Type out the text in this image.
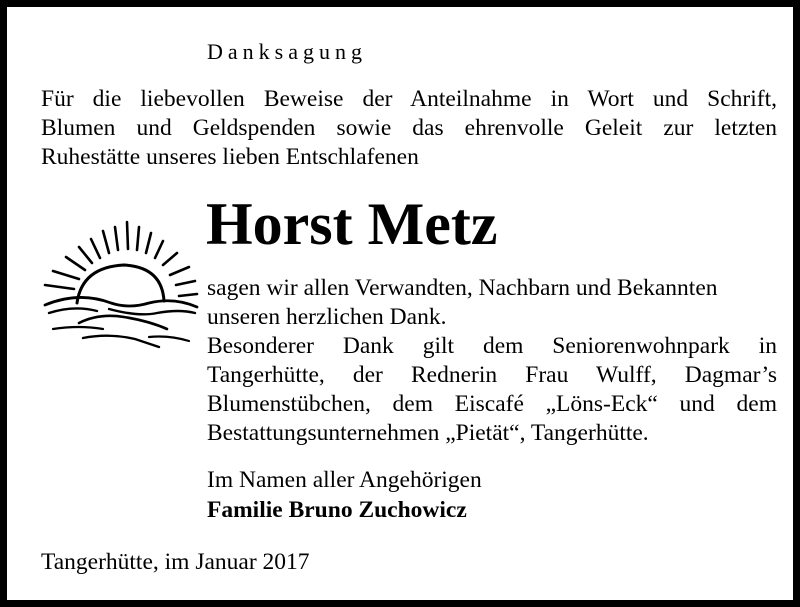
Danksagung
Für die liebevollen Beweise der Anteilnahme in Wort und Schrift,
Blumen und Geldspenden sowie das ehrenvolle Geleit zur letzten
Ruhestätte unseres lieben Entschlafenen
Horst Metz
sagen wir allen Verwandten, Nachbarn und Bekannten
unseren herzlichen Dank.
Besonderer Dank gilt dem Seniorenwohnpark in
Tangerhütte, der Rednerin Frau Wulff, Dagmar’s
Blumenstübchen, dem Eiscafé „Löns-Eck“ und dem
Bestattungsunternehmen „Pietät“, Tangerhütte.
Im Namen aller Angehörigen
Familie Bruno Zuchowicz
Tangerhütte, im Januar 2017
